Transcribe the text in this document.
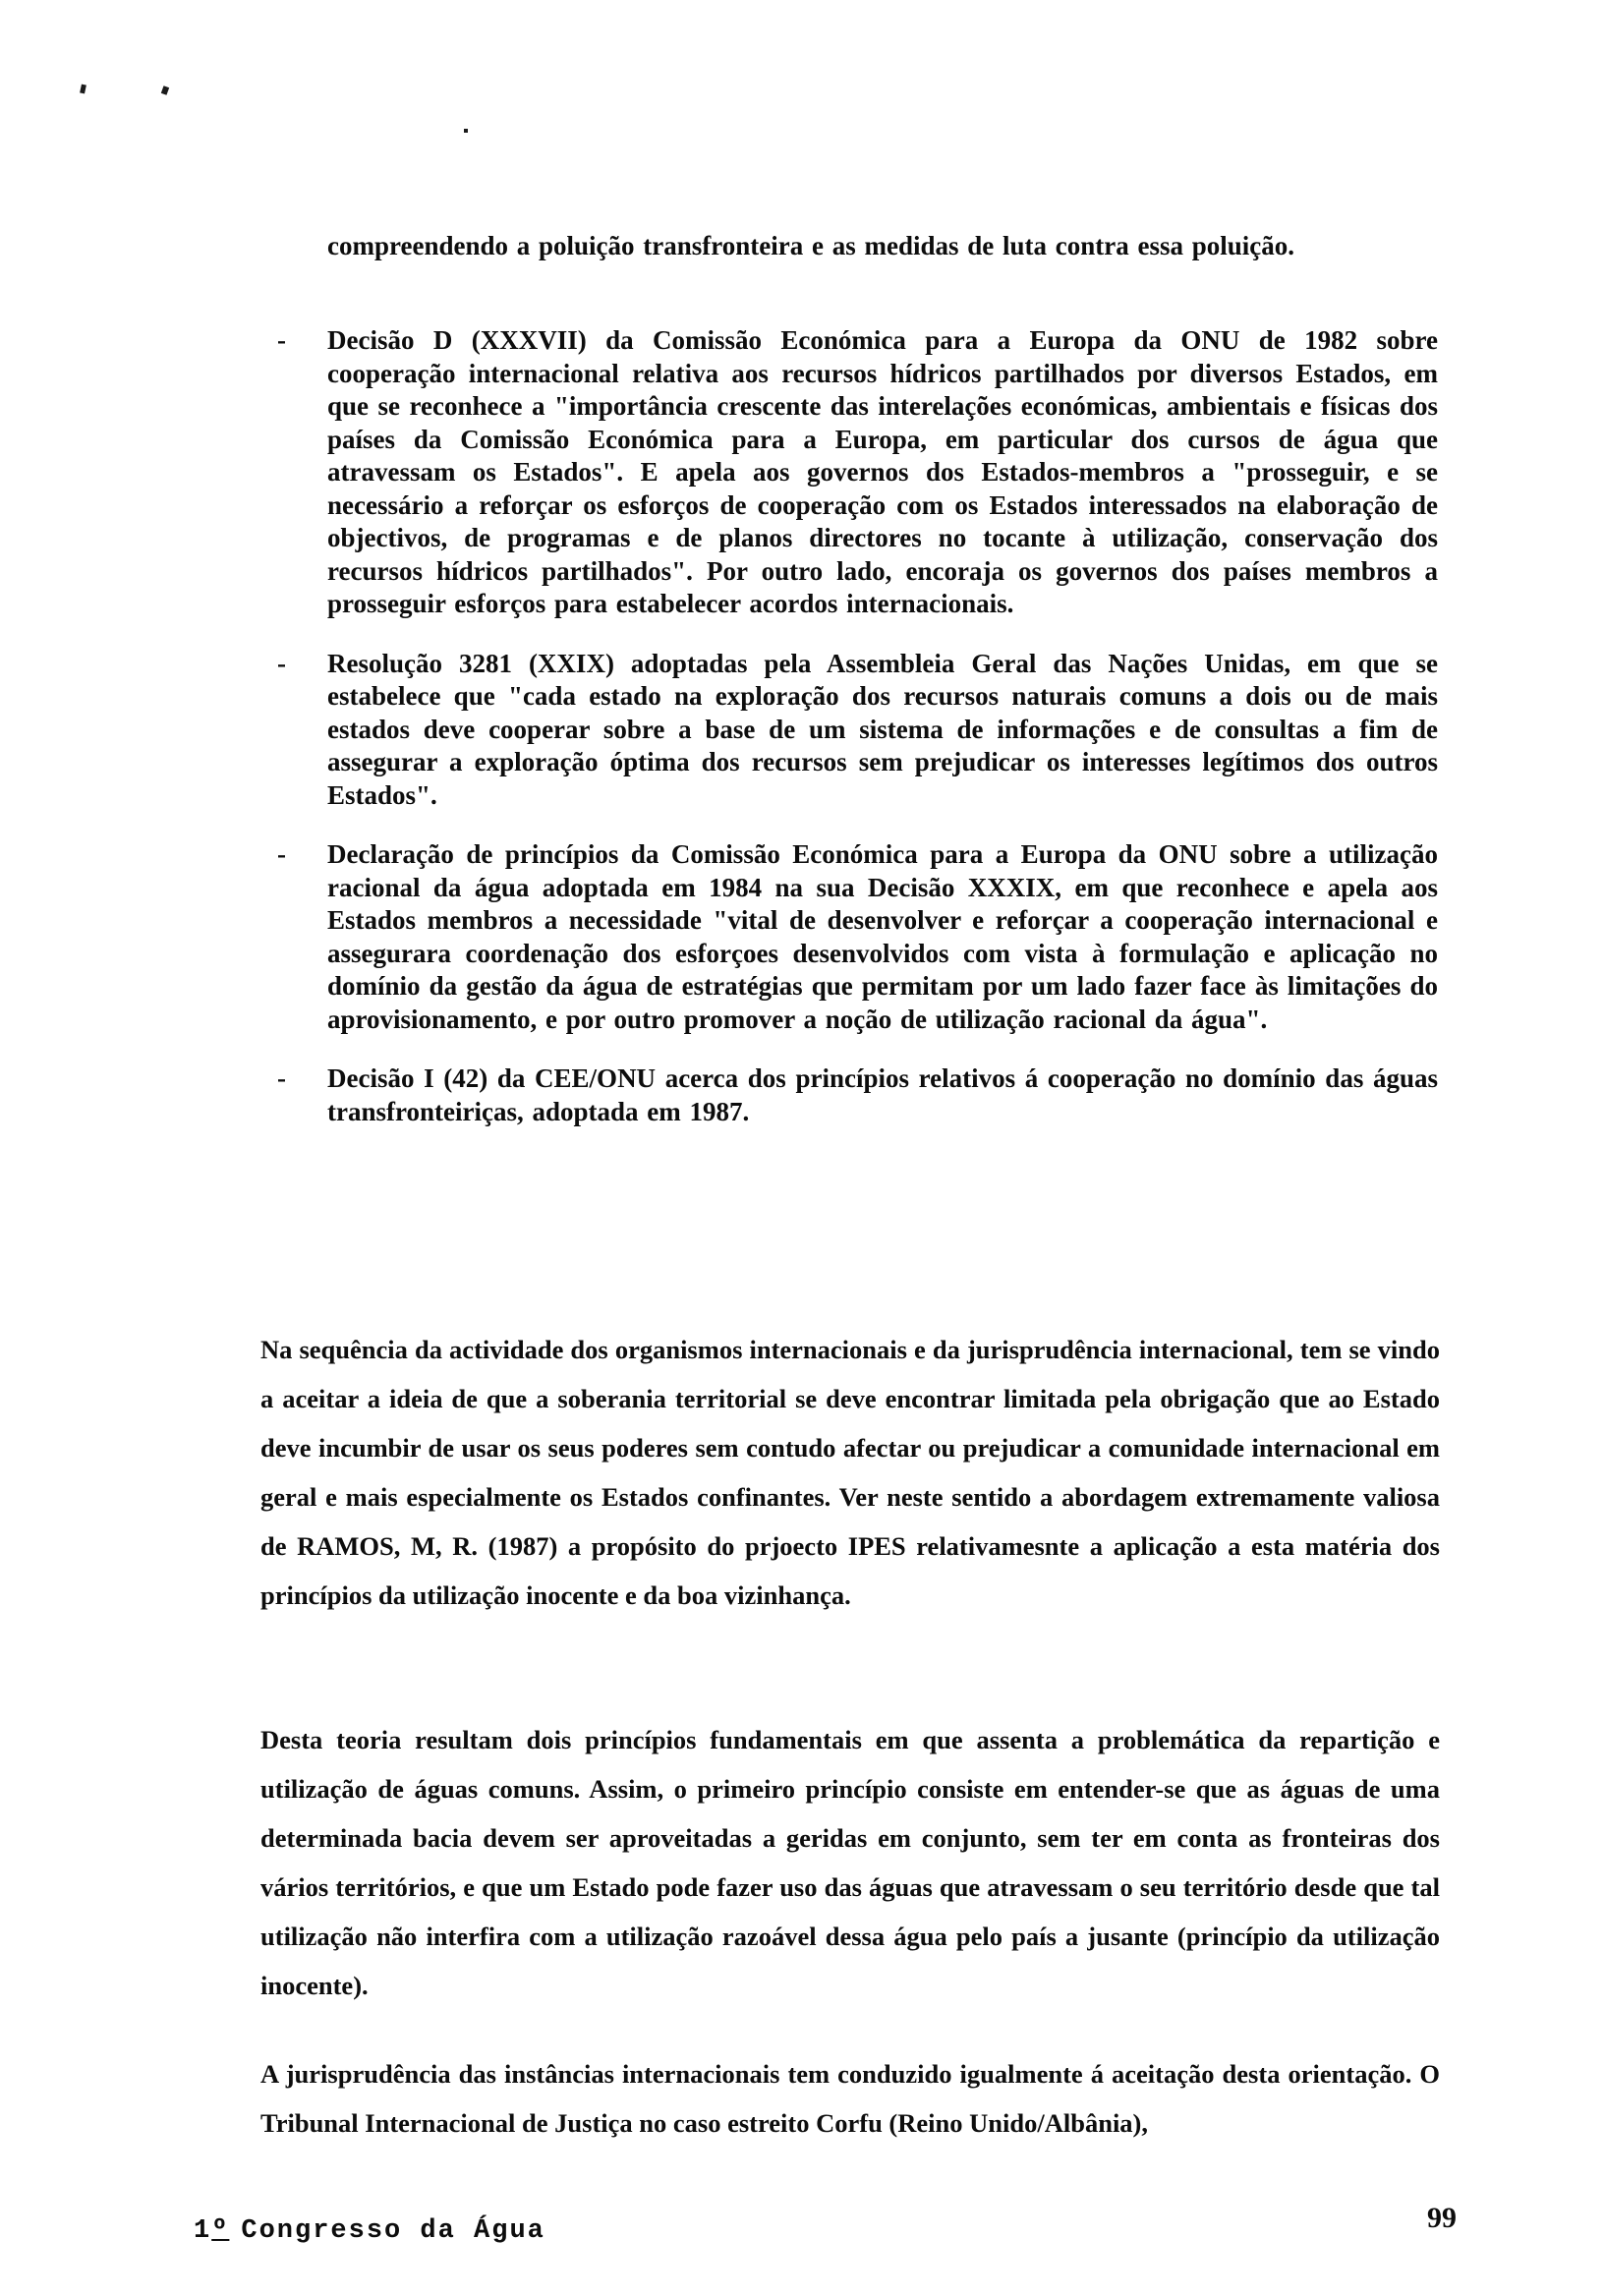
compreendendo a poluição transfronteira e as medidas de luta contra essa poluição.
-	Decisão D (XXXVII) da Comissão Económica para a Europa da ONU de 1982 sobre cooperação internacional relativa aos recursos hídricos partilhados por diversos Estados, em que se reconhece a "importância crescente das interelações económicas, ambientais e físicas dos países da Comissão Económica para a Europa, em particular dos cursos de água que atravessam os Estados". E apela aos governos dos Estados-membros a "prosseguir, e se necessário a reforçar os esforços de cooperação com os Estados interessados na elaboração de objectivos, de programas e de planos directores no tocante à utilização, conservação dos recursos hídricos partilhados". Por outro lado, encoraja os governos dos países membros a prosseguir esforços para estabelecer acordos internacionais.
-	Resolução 3281 (XXIX) adoptadas pela Assembleia Geral das Nações Unidas, em que se estabelece que "cada estado na exploração dos recursos naturais comuns a dois ou de mais estados deve cooperar sobre a base de um sistema de informações e de consultas a fim de assegurar a exploração óptima dos recursos sem prejudicar os interesses legítimos dos outros Estados".
-	Declaração de princípios da Comissão Económica para a Europa da ONU sobre a utilização racional da água adoptada em 1984 na sua Decisão XXXIX, em que reconhece e apela aos Estados membros a necessidade "vital de desenvolver e reforçar a cooperação internacional e assegurara coordenação dos esforçoes desenvolvidos com vista à formulação e aplicação no domínio da gestão da água de estratégias que permitam por um lado fazer face às limitações do aprovisionamento, e por outro promover a noção de utilização racional da água".
-	Decisão I (42) da CEE/ONU acerca dos princípios relativos á cooperação no domínio das águas transfronteiriças, adoptada em 1987.
Na sequência da actividade dos organismos internacionais e da jurisprudência internacional, tem se vindo a aceitar a ideia de que a soberania territorial se deve encontrar limitada pela obrigação que ao Estado deve incumbir de usar os seus poderes sem contudo afectar ou prejudicar a comunidade internacional em geral e mais especialmente os Estados confinantes. Ver neste sentido a abordagem extremamente valiosa de RAMOS, M, R. (1987) a propósito do prjoecto IPES relativamesnte a aplicação a esta matéria dos princípios da utilização inocente e da boa vizinhança.
Desta teoria resultam dois princípios fundamentais em que assenta a problemática da repartição e utilização de águas comuns. Assim, o primeiro princípio consiste em entender-se que as águas de uma determinada bacia devem ser aproveitadas a geridas em conjunto, sem ter em conta as fronteiras dos vários territórios, e que um Estado pode fazer uso das águas que atravessam o seu território desde que tal utilização não interfira com a utilização razoável dessa água pelo país a jusante (princípio da utilização inocente).
A jurisprudência das instâncias internacionais tem conduzido igualmente á aceitação desta orientação. O Tribunal Internacional de Justiça no caso estreito Corfu (Reino Unido/Albânia),
1º Congresso da Água	99
